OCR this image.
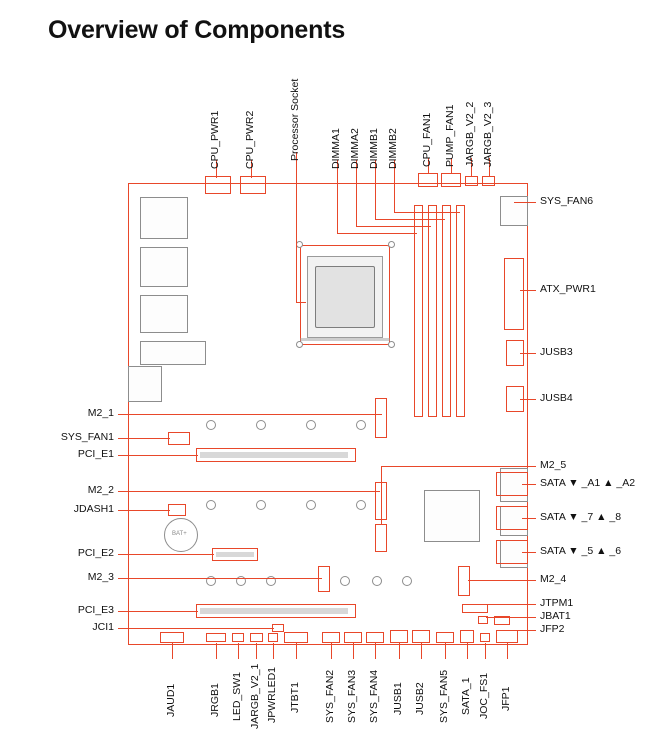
Overview of Components
BAT+
CPU_PWR1 CPU_PWR2	Processor Socket	DIMMA1 DIMMA2 DIMMB1 DIMMB2 CPU_FAN1 PUMP_FAN1 JARGB_V2_2 JARGB_V2_3
SYS_FAN6
ATX_PWR1
JUSB3
JUSB4
M2_5
SATA ▼ _A1 ▲ _A2
SATA ▼ _7 ▲ _8
SATA ▼ _5 ▲ _6
M2_4
JTPM1
JBAT1
JFP2
M2_1
SYS_FAN1
PCI_E1
M2_2
JDASH1
PCI_E2
M2_3
PCI_E3
JCI1
JAUD1	JRGB1 LED_SW1 JARGB_V2_1 JPWRLED1 JTBT1 SYS_FAN2 SYS_FAN3 SYS_FAN4 JUSB1 JUSB2 SYS_FAN5 SATA_1 JOC_FS1 JFP1
